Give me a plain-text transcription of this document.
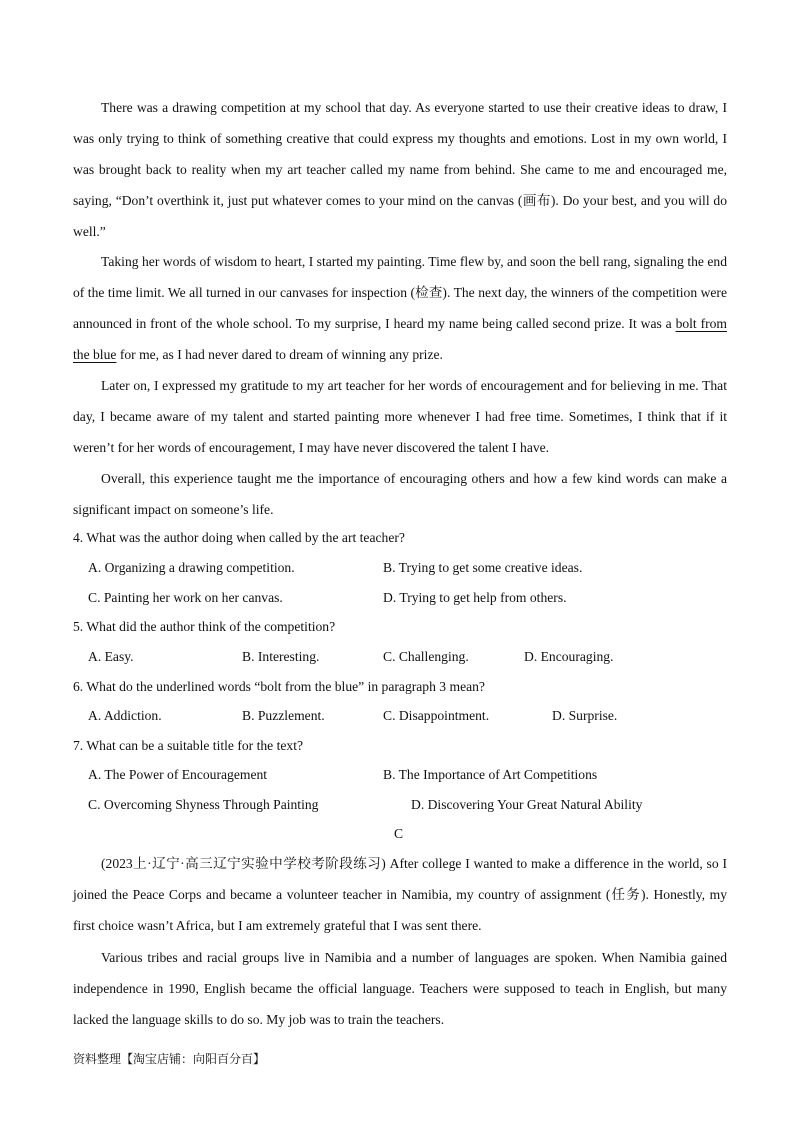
There was a drawing competition at my school that day. As everyone started to use their creative ideas to draw, I was only trying to think of something creative that could express my thoughts and emotions. Lost in my own world, I was brought back to reality when my art teacher called my name from behind. She came to me and encouraged me, saying, “Don’t overthink it, just put whatever comes to your mind on the canvas (画布). Do your best, and you will do well.”

Taking her words of wisdom to heart, I started my painting. Time flew by, and soon the bell rang, signaling the end of the time limit. We all turned in our canvases for inspection (检查). The next day, the winners of the competition were announced in front of the whole school. To my surprise, I heard my name being called second prize. It was a bolt from the blue for me, as I had never dared to dream of winning any prize.

Later on, I expressed my gratitude to my art teacher for her words of encouragement and for believing in me. That day, I became aware of my talent and started painting more whenever I had free time. Sometimes, I think that if it weren’t for her words of encouragement, I may have never discovered the talent I have.

Overall, this experience taught me the importance of encouraging others and how a few kind words can make a significant impact on someone’s life.

4. What was the author doing when called by the art teacher?

A. Organizing a drawing competition.	B. Trying to get some creative ideas.

C. Painting her work on her canvas.	D. Trying to get help from others.

5. What did the author think of the competition?

A. Easy.	B. Interesting.	C. Challenging.	D. Encouraging.

6. What do the underlined words “bolt from the blue” in paragraph 3 mean?

A. Addiction.	B. Puzzlement.	C. Disappointment.	D. Surprise.

7. What can be a suitable title for the text?

A. The Power of Encouragement	B. The Importance of Art Competitions

C. Overcoming Shyness Through Painting	D. Discovering Your Great Natural Ability

C

(2023上·辽宁·高三辽宁实验中学校考阶段练习) After college I wanted to make a difference in the world, so I joined the Peace Corps and became a volunteer teacher in Namibia, my country of assignment (任务). Honestly, my first choice wasn’t Africa, but I am extremely grateful that I was sent there.

Various tribes and racial groups live in Namibia and a number of languages are spoken. When Namibia gained independence in 1990, English became the official language. Teachers were supposed to teach in English, but many lacked the language skills to do so. My job was to train the teachers.

资料整理【淘宝店铺：向阳百分百】
